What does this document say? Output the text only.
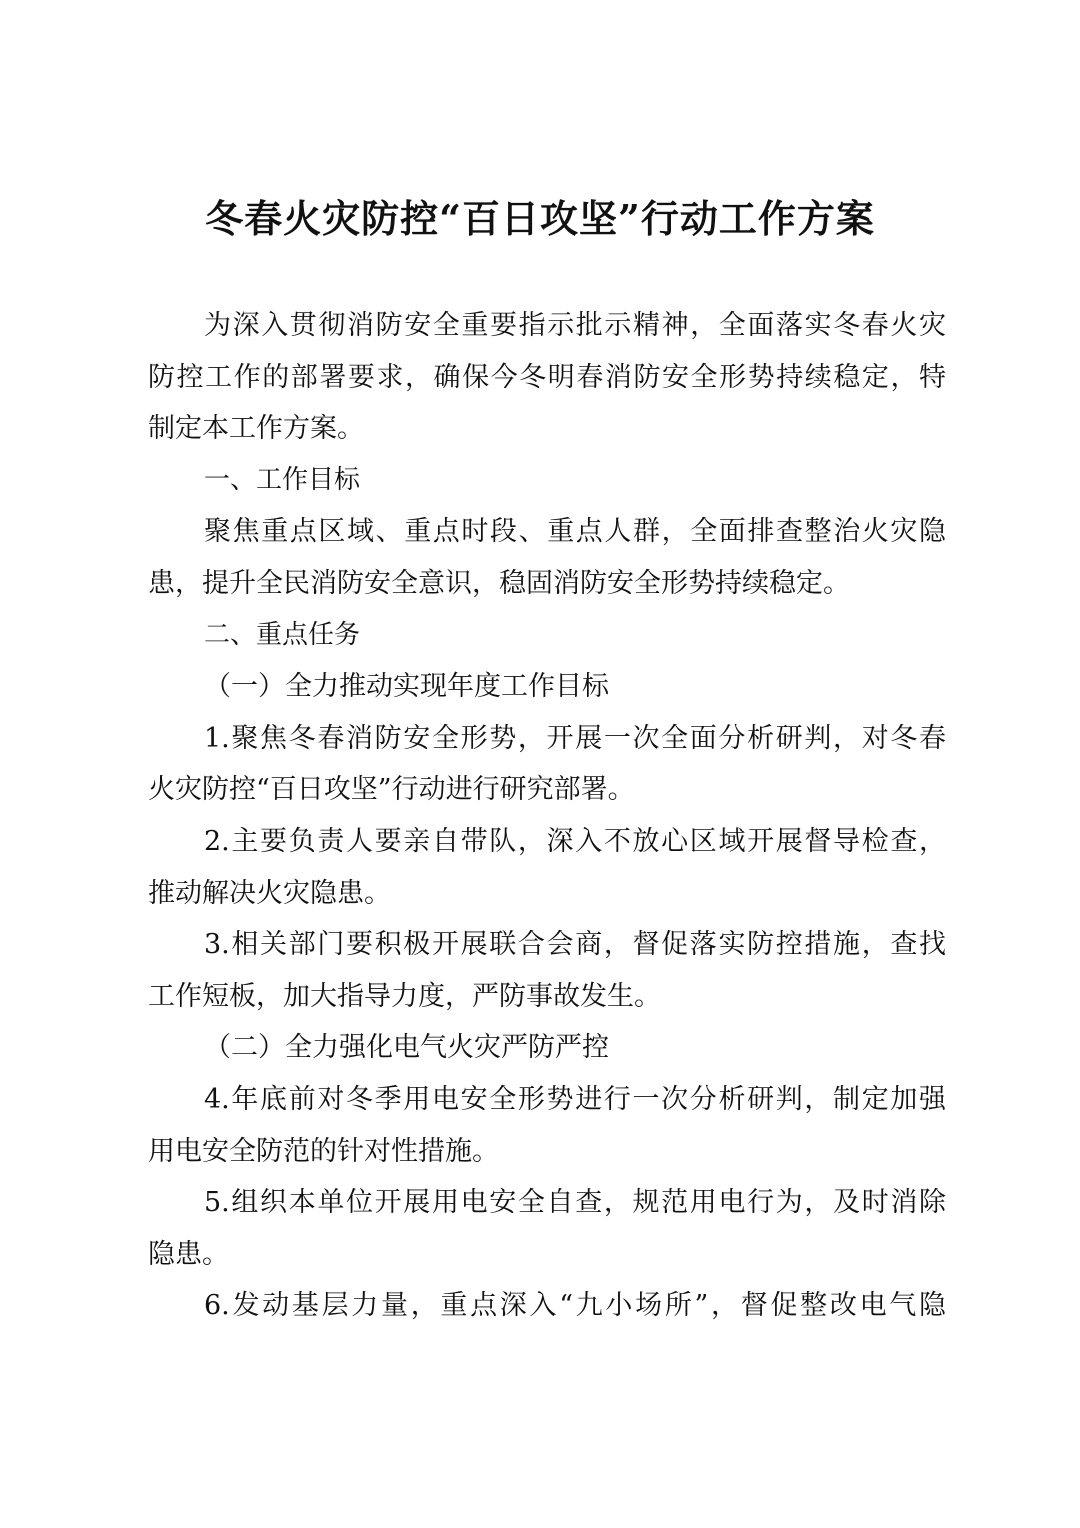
冬春火灾防控“百日攻坚”行动工作方案
为深入贯彻消防安全重要指示批示精神，全面落实冬春火灾
防控工作的部署要求，确保今冬明春消防安全形势持续稳定，特
制定本工作方案。
一、工作目标
聚焦重点区域、重点时段、重点人群，全面排查整治火灾隐
患，提升全民消防安全意识，稳固消防安全形势持续稳定。
二、重点任务
（一）全力推动实现年度工作目标
1.聚焦冬春消防安全形势，开展一次全面分析研判，对冬春
火灾防控“百日攻坚”行动进行研究部署。
2.主要负责人要亲自带队，深入不放心区域开展督导检查，
推动解决火灾隐患。
3.相关部门要积极开展联合会商，督促落实防控措施，查找
工作短板，加大指导力度，严防事故发生。
（二）全力强化电气火灾严防严控
4.年底前对冬季用电安全形势进行一次分析研判，制定加强
用电安全防范的针对性措施。
5.组织本单位开展用电安全自查，规范用电行为，及时消除
隐患。
6.发动基层力量，重点深入“九小场所”，督促整改电气隐
